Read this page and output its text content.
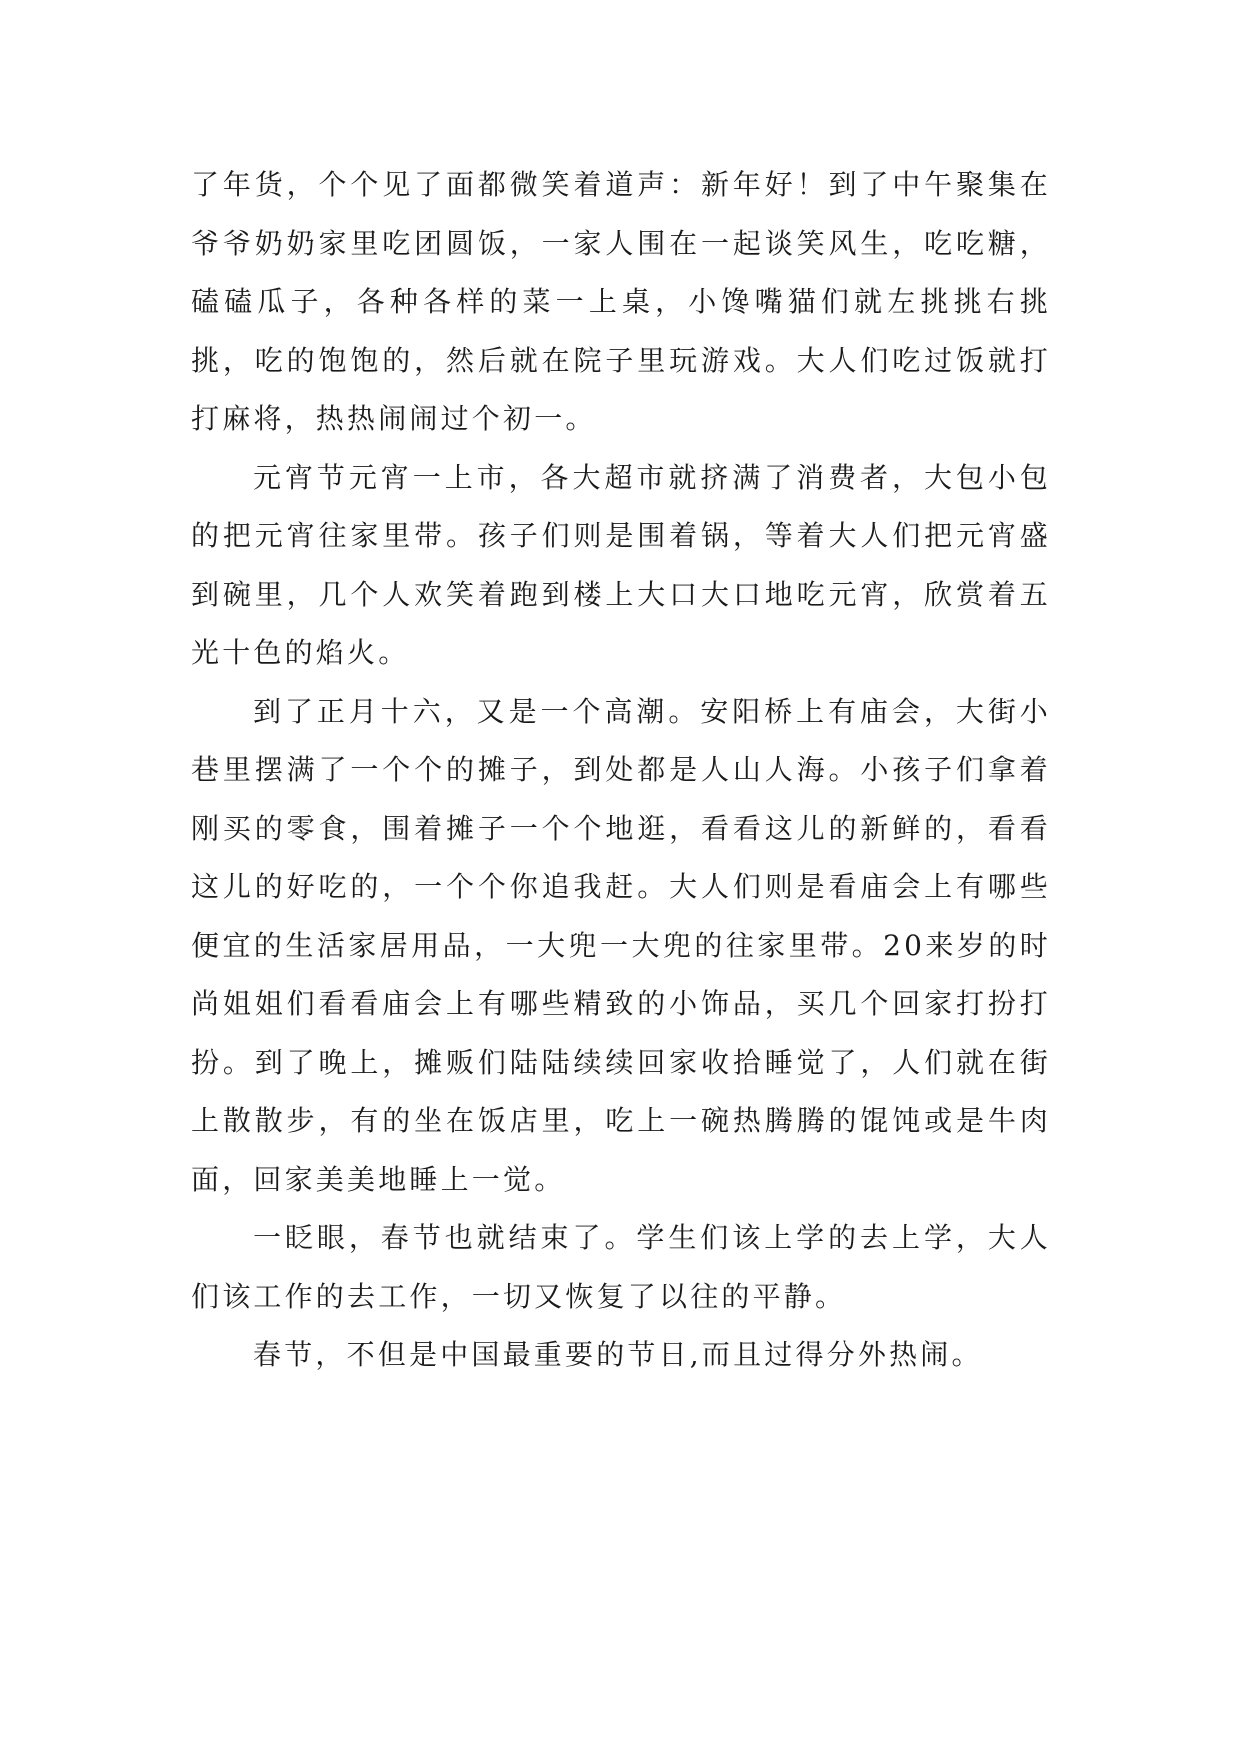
了年货，个个见了面都微笑着道声：新年好！到了中午聚集在爷爷奶奶家里吃团圆饭，一家人围在一起谈笑风生，吃吃糖，磕磕瓜子，各种各样的菜一上桌，小馋嘴猫们就左挑挑右挑挑，吃的饱饱的，然后就在院子里玩游戏。大人们吃过饭就打打麻将，热热闹闹过个初一。

元宵节元宵一上市，各大超市就挤满了消费者，大包小包的把元宵往家里带。孩子们则是围着锅，等着大人们把元宵盛到碗里，几个人欢笑着跑到楼上大口大口地吃元宵，欣赏着五光十色的焰火。

到了正月十六，又是一个高潮。安阳桥上有庙会，大街小巷里摆满了一个个的摊子，到处都是人山人海。小孩子们拿着刚买的零食，围着摊子一个个地逛，看看这儿的新鲜的，看看这儿的好吃的，一个个你追我赶。大人们则是看庙会上有哪些便宜的生活家居用品，一大兜一大兜的往家里带。20来岁的时尚姐姐们看看庙会上有哪些精致的小饰品，买几个回家打扮打扮。到了晚上，摊贩们陆陆续续回家收拾睡觉了，人们就在街上散散步，有的坐在饭店里，吃上一碗热腾腾的馄饨或是牛肉面，回家美美地睡上一觉。

一眨眼，春节也就结束了。学生们该上学的去上学，大人们该工作的去工作，一切又恢复了以往的平静。

春节，不但是中国最重要的节日,而且过得分外热闹。
